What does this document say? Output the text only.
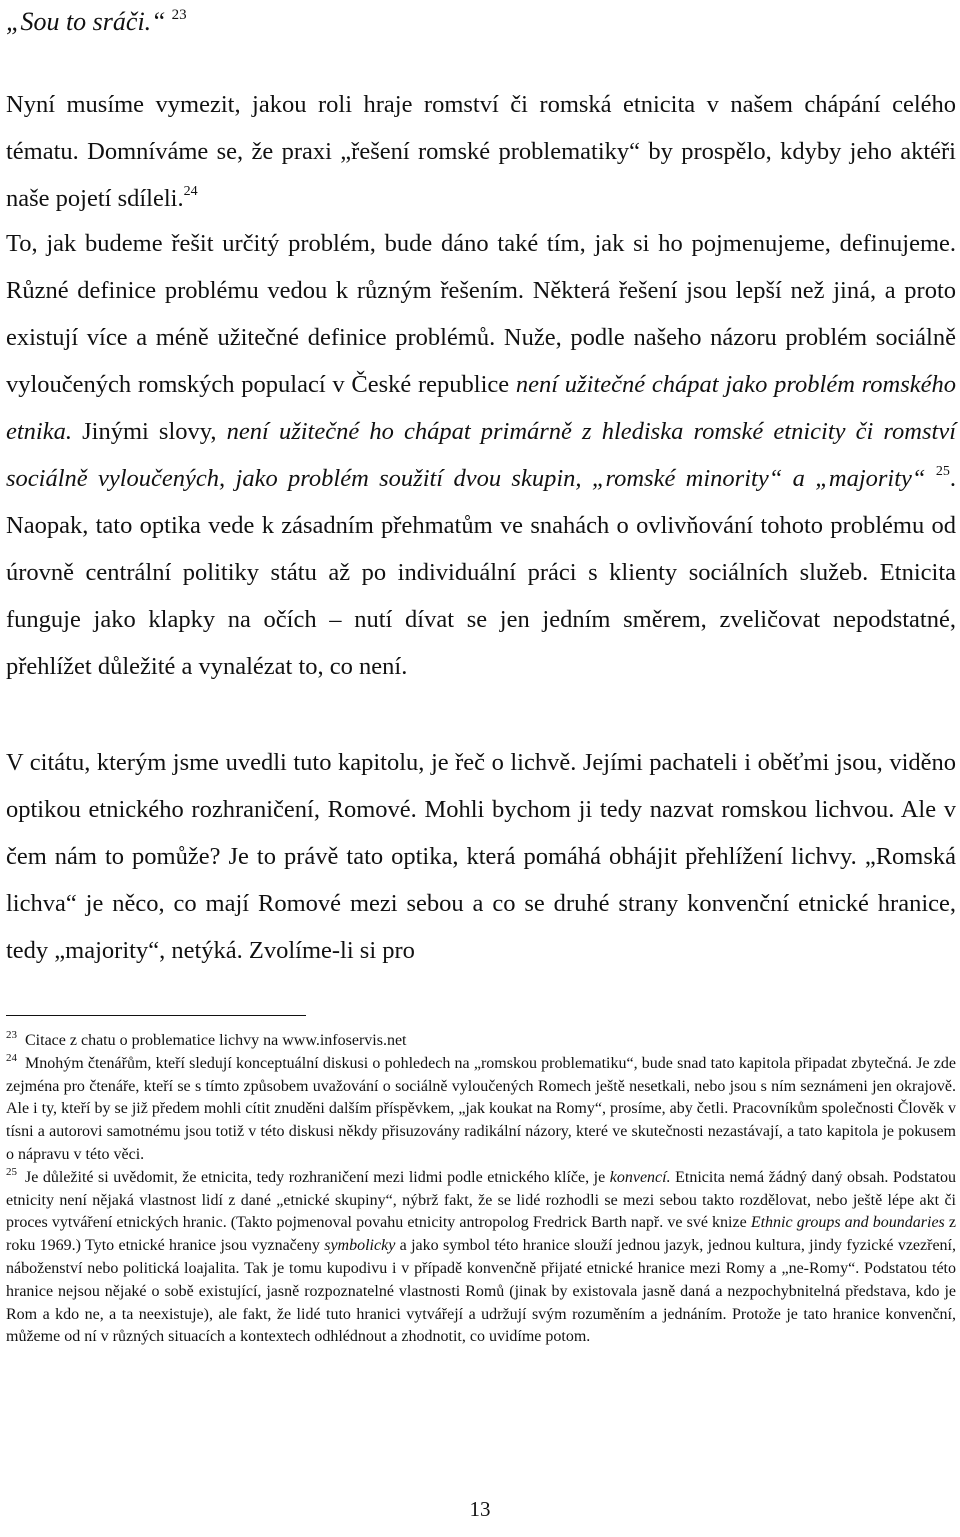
„Sou to sráči.“ $^{23}$

Nyní musíme vymezit, jakou roli hraje romství či romská etnicita v našem chápání celého tématu. Domníváme se, že praxi „řešení romské problematiky“ by prospělo, kdyby jeho aktéři naše pojetí sdíleli.$^{24}$

To, jak budeme řešit určitý problém, bude dáno také tím, jak si ho pojmenujeme, definujeme. Různé definice problému vedou k různým řešením. Některá řešení jsou lepší než jiná, a proto existují více a méně užitečné definice problémů. Nuže, podle našeho názoru problém sociálně vyloučených romských populací v České republice není užitečné chápat jako problém romského etnika. Jinými slovy, není užitečné ho chápat primárně z hlediska romské etnicity či romství sociálně vyloučených, jako problém soužití dvou skupin, „romské minority“ a „majority“ $^{25}$. Naopak, tato optika vede k zásadním přehmatům ve snahách o ovlivňování tohoto problému od úrovně centrální politiky státu až po individuální práci s klienty sociálních služeb. Etnicita funguje jako klapky na očích – nutí dívat se jen jedním směrem, zveličovat nepodstatné, přehlížet důležité a vynalézat to, co není.

V citátu, kterým jsme uvedli tuto kapitolu, je řeč o lichvě. Jejími pachateli i oběťmi jsou, viděno optikou etnického rozhraničení, Romové. Mohli bychom ji tedy nazvat romskou lichvou. Ale v čem nám to pomůže? Je to právě tato optika, která pomáhá obhájit přehlížení lichvy. „Romská lichva“ je něco, co mají Romové mezi sebou a co se druhé strany konvenční etnické hranice, tedy „majority“, netýká. Zvolíme-li si pro

$^{23}$ Citace z chatu o problematice lichvy na www.infoservis.net

$^{24}$ Mnohým čtenářům, kteří sledují konceptuální diskusi o pohledech na „romskou problematiku“, bude snad tato kapitola připadat zbytečná. Je zde zejména pro čtenáře, kteří se s tímto způsobem uvažování o sociálně vyloučených Romech ještě nesetkali, nebo jsou s ním seznámeni jen okrajově. Ale i ty, kteří by se již předem mohli cítit znuděni dalším příspěvkem, „jak koukat na Romy“, prosíme, aby četli. Pracovníkům společnosti Člověk v tísni a autorovi samotnému jsou totiž v této diskusi někdy přisuzovány radikální názory, které ve skutečnosti nezastávají, a tato kapitola je pokusem o nápravu v této věci.

$^{25}$ Je důležité si uvědomit, že etnicita, tedy rozhraničení mezi lidmi podle etnického klíče, je konvencí. Etnicita nemá žádný daný obsah. Podstatou etnicity není nějaká vlastnost lidí z dané „etnické skupiny“, nýbrž fakt, že se lidé rozhodli se mezi sebou takto rozdělovat, nebo ještě lépe akt či proces vytváření etnických hranic. (Takto pojmenoval povahu etnicity antropolog Fredrick Barth např. ve své knize Ethnic groups and boundaries z roku 1969.) Tyto etnické hranice jsou vyznačeny symbolicky a jako symbol této hranice slouží jednou jazyk, jednou kultura, jindy fyzické vzezření, náboženství nebo politická loajalita. Tak je tomu kupodivu i v případě konvenčně přijaté etnické hranice mezi Romy a „ne-Romy“. Podstatou této hranice nejsou nějaké o sobě existující, jasně rozpoznatelné vlastnosti Romů (jinak by existovala jasně daná a nezpochybnitelná představa, kdo je Rom a kdo ne, a ta neexistuje), ale fakt, že lidé tuto hranici vytvářejí a udržují svým rozuměním a jednáním. Protože je tato hranice konvenční, můžeme od ní v různých situacích a kontextech odhlédnout a zhodnotit, co uvidíme potom.

13
